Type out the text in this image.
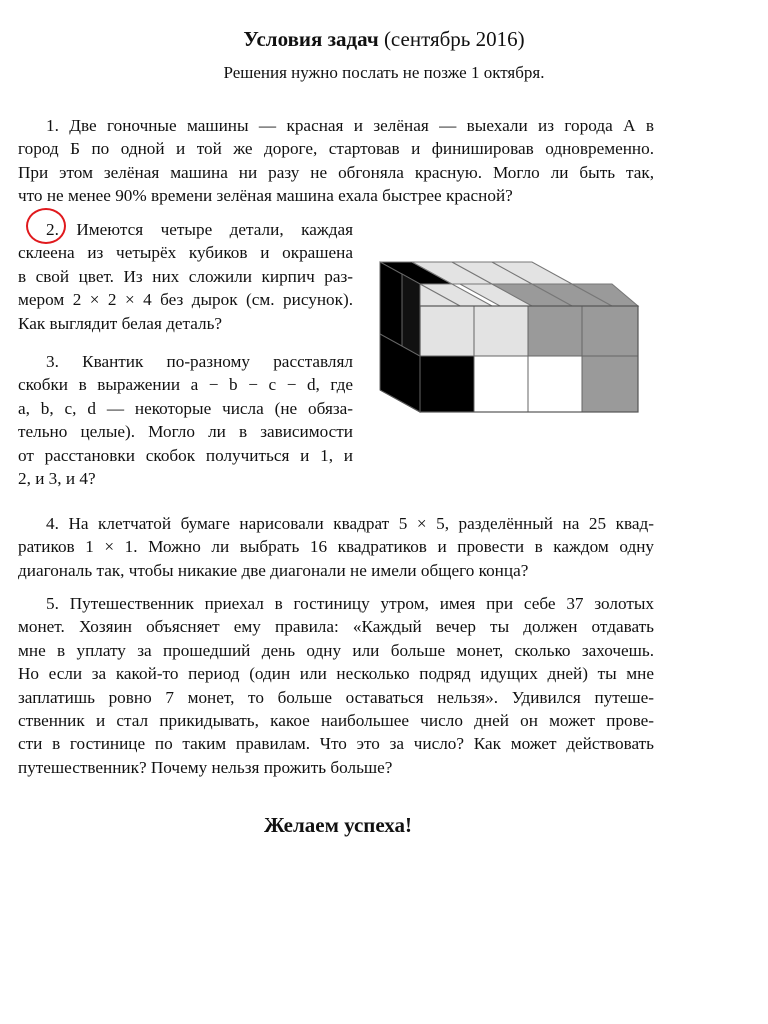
Условия задач (сентябрь 2016)
Решения нужно послать не позже 1 октября.
1. Две гоночные машины — красная и зелёная — выехали из города А в
город Б по одной и той же дороге, стартовав и финишировав одновременно.
При этом зелёная машина ни разу не обгоняла красную. Могло ли быть так,
что не менее 90% времени зелёная машина ехала быстрее красной?
2. Имеются четыре детали, каждая
склеена из четырёх кубиков и окрашена
в свой цвет. Из них сложили кирпич раз-
мером 2 × 2 × 4 без дырок (см. рисунок).
Как выглядит белая деталь?
3. Квантик по-разному расставлял
скобки в выражении a − b − c − d, где
a, b, c, d — некоторые числа (не обяза-
тельно целые). Могло ли в зависимости
от расстановки скобок получиться и 1, и
2, и 3, и 4?
4. На клетчатой бумаге нарисовали квадрат 5 × 5, разделённый на 25 квад-
ратиков 1 × 1. Можно ли выбрать 16 квадратиков и провести в каждом одну
диагональ так, чтобы никакие две диагонали не имели общего конца?
5. Путешественник приехал в гостиницу утром, имея при себе 37 золотых
монет. Хозяин объясняет ему правила: «Каждый вечер ты должен отдавать
мне в уплату за прошедший день одну или больше монет, сколько захочешь.
Но если за какой-то период (один или несколько подряд идущих дней) ты мне
заплатишь ровно 7 монет, то больше оставаться нельзя». Удивился путеше-
ственник и стал прикидывать, какое наибольшее число дней он может прове-
сти в гостинице по таким правилам. Что это за число? Как может действовать
путешественник? Почему нельзя прожить больше?
Желаем успеха!
